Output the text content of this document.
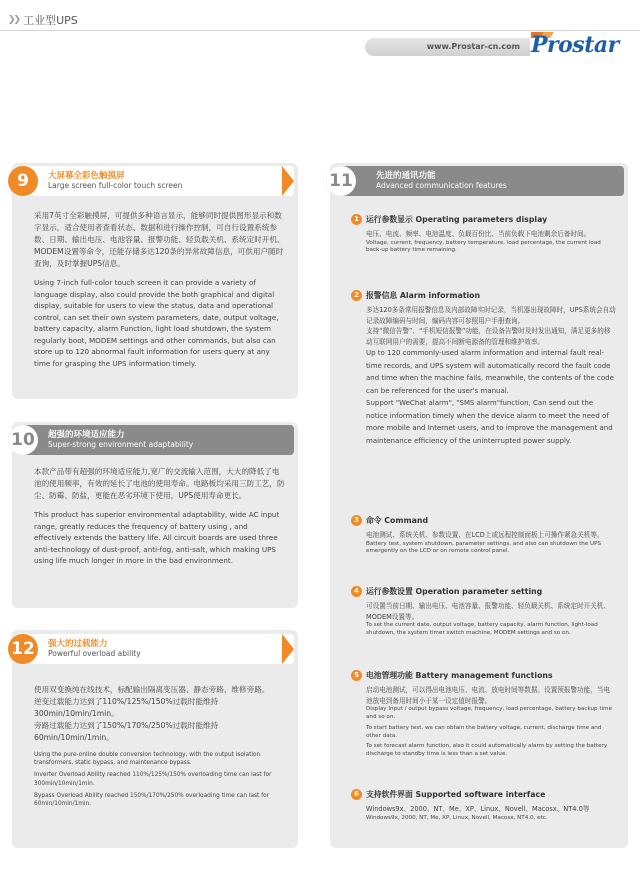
❯❯ 工业型UPS
www.Prostar-cn.com Prostar
9	大屏幕全彩色触摸屏
Large screen full-color touch screen

采用7英寸全彩触摸屏，可提供多种语言显示，能够同时提供图形显示和数字显示，适合使用者查看状态、数据和进行操作控制，可自行设置系统参数、日期、输出电压、电池容量、报警功能、轻负载关机、系统定时开机、MODEM设置等命令，还能存储多达120条的异常故障信息，可供用户随时查询，及时掌握UPS信息。

Using 7-inch full-color touch screen it can provide a variety of language display, also could provide the both graphical and digital display, suitable for users to view the status, data and operational control, can set their own system parameters, date, output voltage, battery capacity, alarm Function, light load shutdown, the system regularly boot, MODEM settings and other commands, but also can store up to 120 abnormal fault information for users query at any time for grasping the UPS information timely.

10	超强的环境适应能力
Super-strong environment adaptability

本款产品带有超强的环境适应能力,宽广的交流输入范围，大大的降低了电池的使用频率，有效的延长了电池的使用寿命。电路板均采用三防工艺，防尘、防霉、防盐，更能在恶劣环境下使用，UPS使用寿命更长。

This product has superior environmental adaptability, wide AC input range, greatly reduces the frequency of battery using , and effectively extends the battery life. All circuit boards are used three anti-technology of dust-proof, anti-fog, anti-salt, which making UPS using life much longer in more in the bad environment.

12	强大的过载能力
Powerful overload ability
使用双变换纯在线技术，标配输出隔离变压器、静态旁路、维修旁路。
逆变过载能力达到了110%/125%/150%过载时能维持300min/10min/1min。
旁路过载能力达到了150%/170%/250%过载时能维持60min/10min/1min。

Using the pure-online double conversion technology, with the output isolation transformers, static bypass, and maintenance bypass.

Inverter Overload Ability reached 110%/125%/150% overloading time can last for 300min/10min/1min.

Bypass Overload Ability reached 150%/170%/250% overloading time can last for 60min/10min/1min.

11	先进的通讯功能
Advanced communication features
1 运行参数显示 Operating parameters display
电压、电流、频率、电池温度、负载百份比、当前负载下电池剩余后备时间。
Voltage, current, frequency, battery temperature, load percentage, the current load back-up battery time remaining.
2 报警信息 Alarm information
多达120多条常用报警信息及内部故障实时记录，当机器出现故障时，UPS系统会自动记录故障编码与时间，编码内容可参照用户手册查询。
支持“微信告警”、“手机短信报警”功能，在设备告警时及时发出通知，满足更多的移动互联网用户的需要，提高不间断电源备的管理和维护效率。
Up to 120 commonly-used alarm information and internal fault real-time records, and UPS system will automatically record the fault code and time when the machine fails, meanwhile, the contents of the code can be referenced for the user's manual.
Support "WeChat alarm", "SMS alarm"function, Can send out the notice information timely when the device alarm to meet the need of more mobile and Internet users, and to improve the management and maintenance efficiency of the uninterrupted power supply.
3 命令 Command
电池测试、系统关机、参数设置、在LCD上或远程控制面板上可操作紧急关机等。
Battery test, system shutdown, parameter settings, and also can shutdown the UPS emergently on the LCD or on remote control panel.
4 运行参数设置 Operation parameter setting
可设置当前日期、输出电压、电池容量、报警功能、轻负载关机、系统定时开关机、MODEM设置等。
To set the current date, output voltage, battery capacity, alarm function, light-load shutdown, the system timer switch machine, MODEM settings and so on.
5 电池管理功能 Battery management functions
启动电池测试，可以得出电池电压、电流、放电时间等数据。设置预报警功能，当电池放电到备用时间小于某一设定值时报警。
Display Input / output bypass voltage, frequency, load percentage, battery backup time and so on.
To start battery test, we can obtain the battery voltage, current, discharge time and other data.
To set forecast alarm function, also it could automatically alarm by setting the battery discharge to standby time is less than a set value.
6 支持软件界面 Supported software interface
Windows9x、2000、NT、Me、XP、Linux、Novell、Macosx、NT4.0等
Windows9x, 2000, NT, Me, XP, Linux, Novell, Macosx, NT4.0, etc.
